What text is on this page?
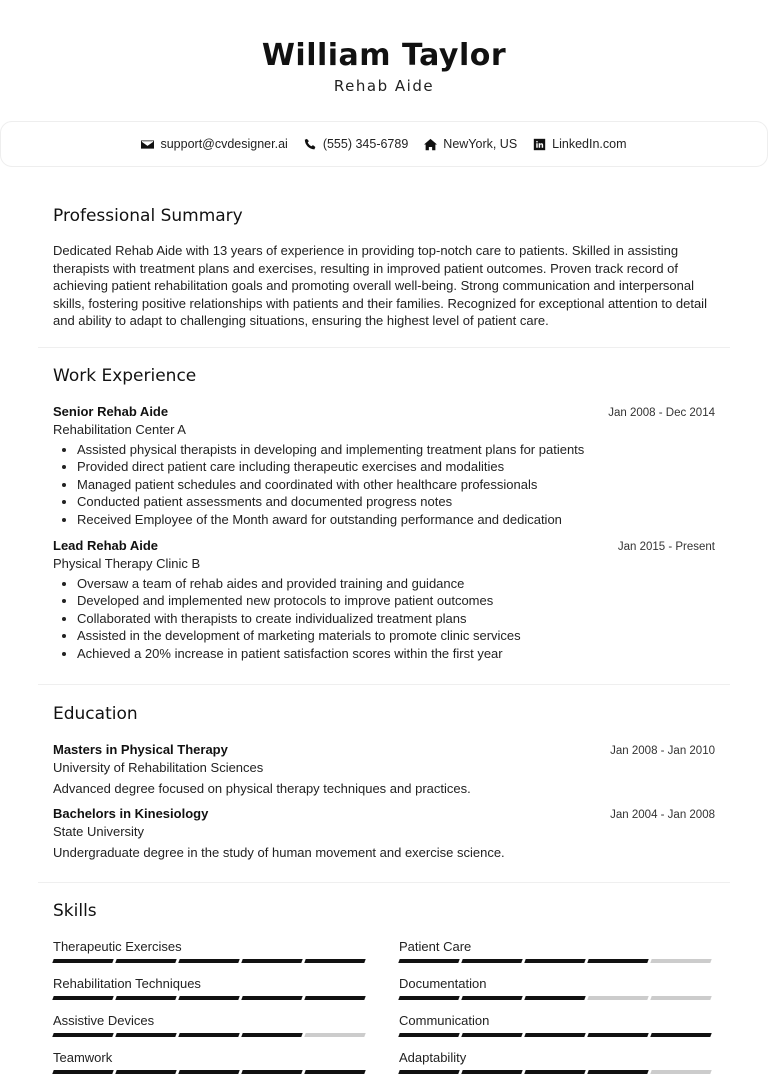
William Taylor
Rehab Aide
support@cvdesigner.ai	(555) 345-6789	NewYork, US	LinkedIn.com
Professional Summary
Dedicated Rehab Aide with 13 years of experience in providing top-notch care to patients. Skilled in assisting therapists with treatment plans and exercises, resulting in improved patient outcomes. Proven track record of achieving patient rehabilitation goals and promoting overall well-being. Strong communication and interpersonal skills, fostering positive relationships with patients and their families. Recognized for exceptional attention to detail and ability to adapt to challenging situations, ensuring the highest level of patient care.
Work Experience
Senior Rehab Aide	Jan 2008 - Dec 2014
Rehabilitation Center A
• Assisted physical therapists in developing and implementing treatment plans for patients
• Provided direct patient care including therapeutic exercises and modalities
• Managed patient schedules and coordinated with other healthcare professionals
• Conducted patient assessments and documented progress notes
• Received Employee of the Month award for outstanding performance and dedication
Lead Rehab Aide	Jan 2015 - Present
Physical Therapy Clinic B
• Oversaw a team of rehab aides and provided training and guidance
• Developed and implemented new protocols to improve patient outcomes
• Collaborated with therapists to create individualized treatment plans
• Assisted in the development of marketing materials to promote clinic services
• Achieved a 20% increase in patient satisfaction scores within the first year
Education
Masters in Physical Therapy	Jan 2008 - Jan 2010
University of Rehabilitation Sciences
Advanced degree focused on physical therapy techniques and practices.
Bachelors in Kinesiology	Jan 2004 - Jan 2008
State University
Undergraduate degree in the study of human movement and exercise science.
Skills
Therapeutic Exercises	Patient Care
Rehabilitation Techniques	Documentation
Assistive Devices	Communication
Teamwork	Adaptability
